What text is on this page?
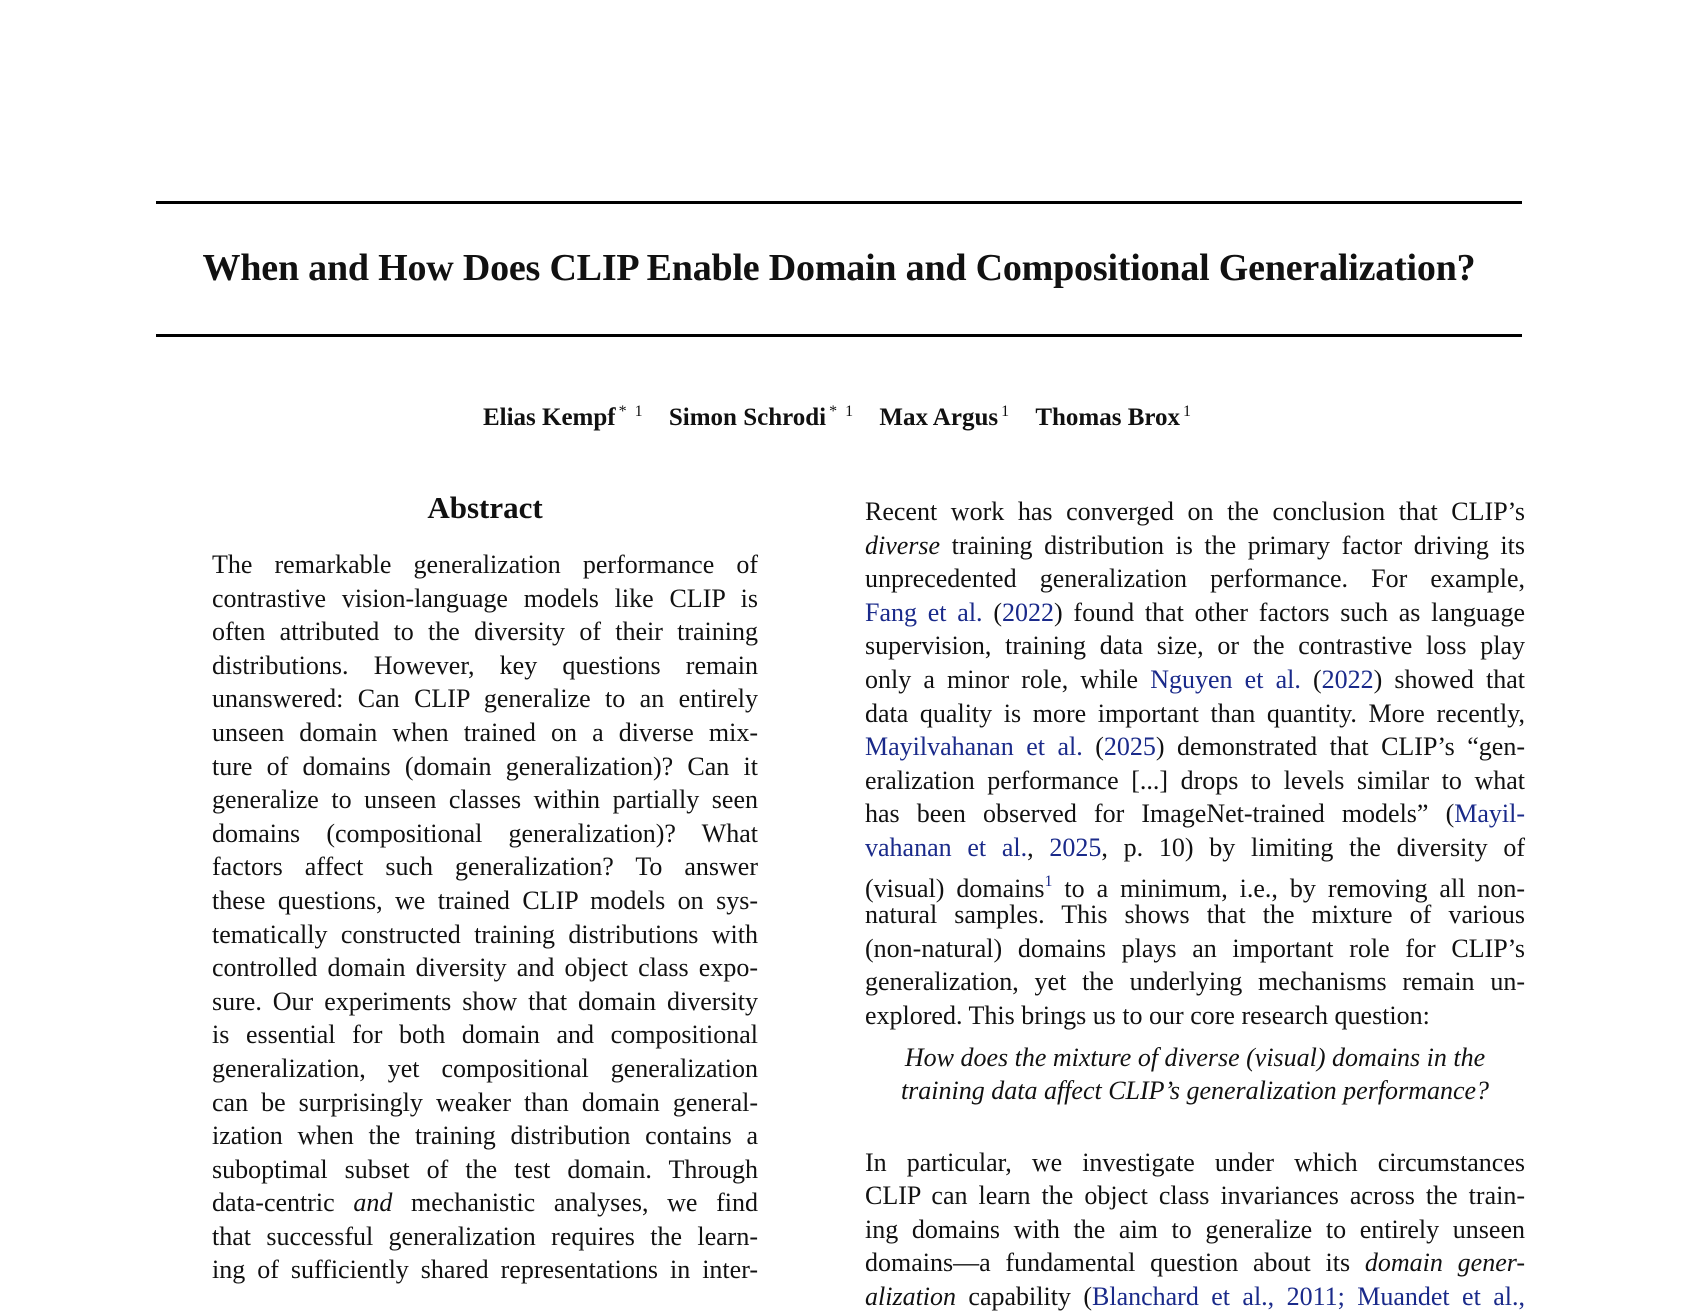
When and How Does CLIP Enable Domain and Compositional Generalization?
Elias Kempf $^{* 1}$ Simon Schrodi $^{* 1}$ Max Argus $^1$ Thomas Brox $^1$
Abstract
The remarkable generalization performance of
contrastive vision-language models like CLIP is
often attributed to the diversity of their training
distributions. However, key questions remain
unanswered: Can CLIP generalize to an entirely
unseen domain when trained on a diverse mix-
ture of domains (domain generalization)? Can it
generalize to unseen classes within partially seen
domains (compositional generalization)? What
factors affect such generalization? To answer
these questions, we trained CLIP models on sys-
tematically constructed training distributions with
controlled domain diversity and object class expo-
sure. Our experiments show that domain diversity
is essential for both domain and compositional
generalization, yet compositional generalization
can be surprisingly weaker than domain general-
ization when the training distribution contains a
suboptimal subset of the test domain. Through
data-centric and mechanistic analyses, we find
that successful generalization requires the learn-
ing of sufficiently shared representations in inter-
Recent work has converged on the conclusion that CLIP’s
diverse training distribution is the primary factor driving its
unprecedented generalization performance. For example,
Fang et al. (2022) found that other factors such as language
supervision, training data size, or the contrastive loss play
only a minor role, while Nguyen et al. (2022) showed that
data quality is more important than quantity. More recently,
Mayilvahanan et al. (2025) demonstrated that CLIP’s “gen-
eralization performance [...] drops to levels similar to what
has been observed for ImageNet-trained models” (Mayil-
vahanan et al., 2025, p. 10) by limiting the diversity of
(visual) domains$^1$ to a minimum, i.e., by removing all non-
natural samples. This shows that the mixture of various
(non-natural) domains plays an important role for CLIP’s
generalization, yet the underlying mechanisms remain un-
explored. This brings us to our core research question:
How does the mixture of diverse (visual) domains in the
training data affect CLIP’s generalization performance?
In particular, we investigate under which circumstances
CLIP can learn the object class invariances across the train-
ing domains with the aim to generalize to entirely unseen
domains—a fundamental question about its domain gener-
alization capability (Blanchard et al., 2011; Muandet et al.,
